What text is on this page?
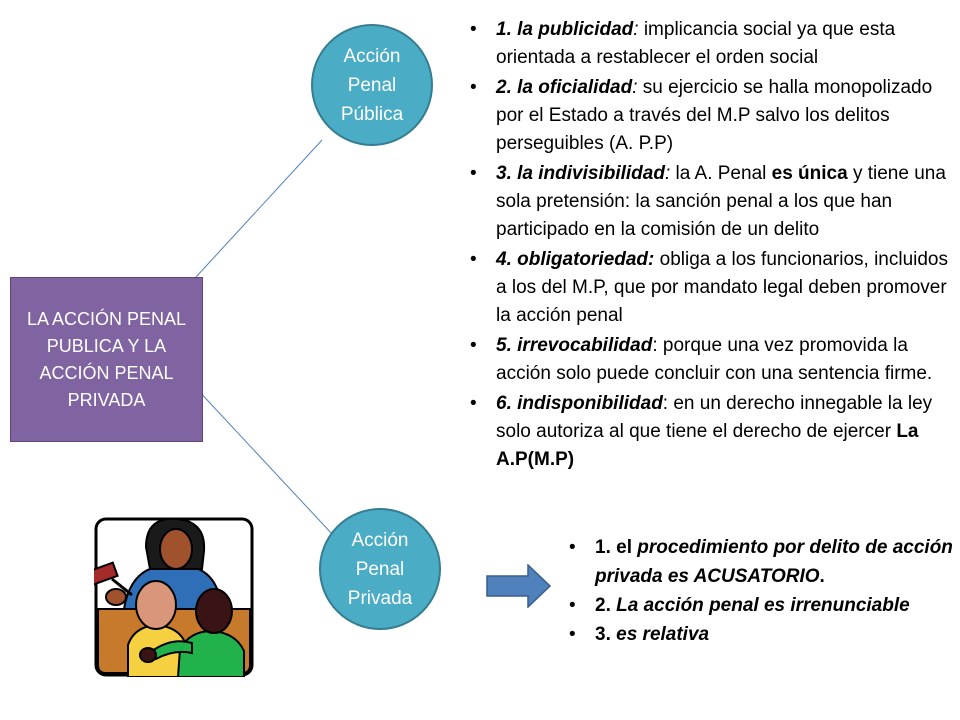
LA ACCIÓN PENAL PUBLICA Y LA ACCIÓN PENAL PRIVADA
Acción
Penal
Pública
Acción
Penal
Privada
• 1. la publicidad: implicancia social ya que esta orientada a restablecer el orden social
• 2. la oficialidad: su ejercicio se halla monopolizado por el Estado a través del M.P salvo los delitos perseguibles (A. P.P)
• 3. la indivisibilidad: la A. Penal es única y tiene una sola pretensión: la sanción penal a los que han participado en la comisión de un delito
• 4. obligatoriedad: obliga a los funcionarios, incluidos a los del M.P, que por mandato legal deben promover la acción penal
• 5. irrevocabilidad: porque una vez promovida la acción solo puede concluir con una sentencia firme.
• 6. indisponibilidad: en un derecho innegable la ley solo autoriza al que tiene el derecho de ejercer La A.P(M.P)
• 1. el procedimiento por delito de acción privada es ACUSATORIO.
• 2. La acción penal es irrenunciable
• 3. es relativa
